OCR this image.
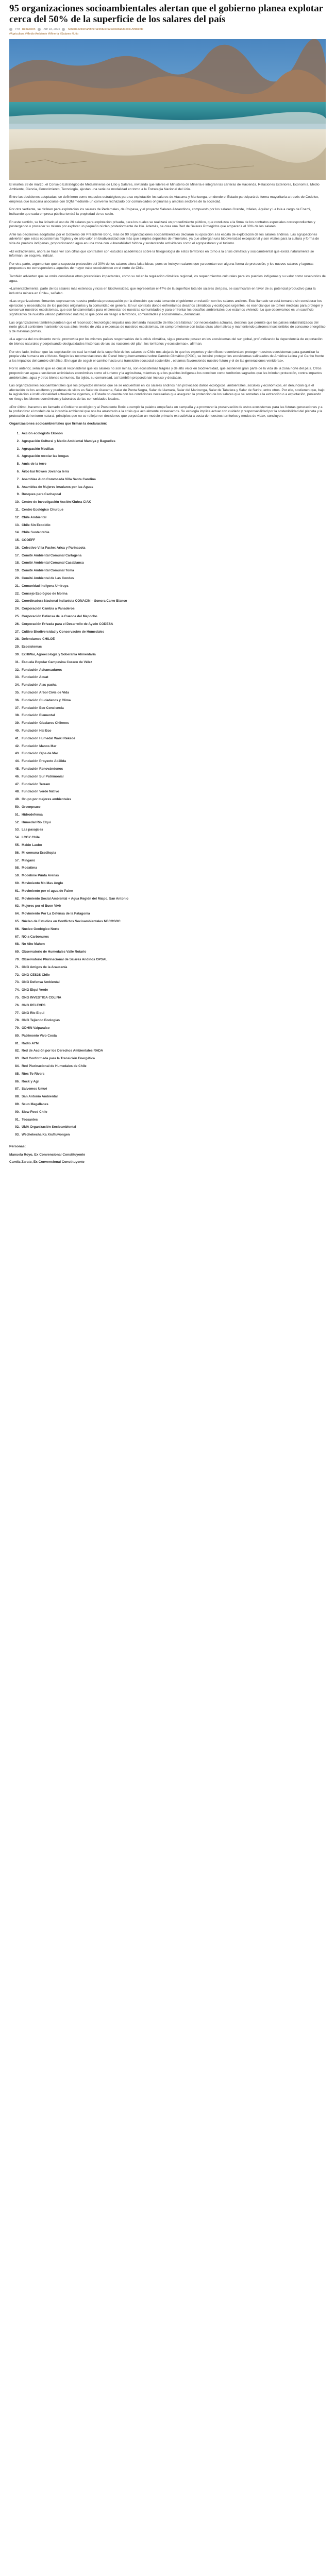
95 organizaciones socioambientales alertan que el gobierno planea explotar cerca del 50% de la superficie de los salares del país
Por Redacción	Abr 18, 2024	Minería Minería/Minería/Industria/Sociedad/Medio Ambiente
#Agricultura #Medio Ambiente #Minería #Salares #Litio

El martes 28 de marzo, el Consejo Estratégico de Metalmineros de Litio y Salares, invitando que lideres el Ministerio de Minería e integran las carteras de Hacienda, Relaciones Exteriores, Economía, Medio Ambiente, Ciencia, Conocimiento, Tecnología, ajustan una serie de modalidad en torno a la Estrategia Nacional del Litio.

Entre las decisiones adoptadas, se definieron como espacios estratégicos para su explotación los salares de Atacama y Maricunga, en donde el Estado participará de forma mayoritaria a través de Codelco, empresa que buscaría asociarse con SQM mediante un convenio rechazado por comunidades originarias y amplios sectores de la sociedad.

Por otra vertiente, se definen para explotación los salares de Pedernales, de Coipasa, y el proyecto Salares Altoandinos, compuesto por los salares Grande, Infieles, Aguilar y La Isla a cargo de Enami, indicando que cada empresa pública tendrá la propiedad de su socio.

En este sentido, se ha licitado el uso de 26 salares para explotación privada, para los cuales se realizará un procedimiento público, que conduzca a la firma de los contratos especiales correspondientes y postergando o proceder su mismo por explotar un pequeño núcleo posteriormente de litio. Además, se crea una Red de Salares Protegidos que ampararía el 30% de los salares.

Ante las decisiones adoptadas por el Gobierno del Presidente Boric, más de 90 organizaciones socioambientales declaran su oposición a la escala de explotación de los salares andinos. Las agrupaciones advierten que estos ecosistemas frágiles y de alto valor en biodiversidad son más que simples depósitos de minerales, ya que albergan una biodiversidad excepcional y son vitales para la cultura y forma de vida de pueblos indígenas, proporcionando agua en una zona con vulnerabilidad hídrica y sustentando actividades como el agropastoreo y el turismo.

«El extractivismo, ahora se hace ver con cifras que contrasten con estudios académicos sobre la fisiogeología de estos territorios en torno a la crisis climática y socioambiental que exista naturamente se informan, se esquiva, indican.

Por otra parte, argumentan que la supuesta protección del 30% de los salares altera falsa ideas, pues se incluyen salares que ya cuentan con alguna forma de protección, y los nuevos salares y lagunas propuestos no corresponden a aquellos de mayor valor ecosistémico en el norte de Chile.

También advierten que se omite considerar otros potenciales impactantes, como su rol en la regulación climática regional, los requerimientos culturales para los pueblos indígenas y su valor como reservorios de agua.

«Lamentablemente, parte de los salares más extensos y ricos en biodiversidad, que representan el 47% de la superficie total de salares del país, se sacrificarán en favor de su potencial productivo para la industria minera en Chile», señalan.

«Las organizaciones firmantes expresamos nuestra profunda preocupación por la dirección que está tomando el gobierno en relación con los salares andinos. Este llamado se está tomando sin considerar los ejercicios y necesidades de los pueblos originarios y la comunidad en general. En un contexto donde enfrentamos desafíos climáticos y ecológicos urgentes, es esencial que se tomen medidas para proteger y conservar nuestros ecosistemas, que son fundamentales para el bienestar de nuestras comunidades y para enfrentar los desafíos ambientales que estamos viviendo. Lo que observamos es un sacrificio significativo de nuestro valioso patrimonio natural, lo que pone en riesgo a territorios, comunidades y ecosistemas», denuncian.

Las organizaciones también plantean que el reconocido tecnológico impulsa una demanda insaciable de litio para fabricar por necesidades actuales, destinos que permite que los países industrializados del norte global continúen manteniendo sus altos niveles de vida a expensas de nuestros ecosistemas, sin comprometerse con todas otras alternativas y manteniendo patrones insostenibles de consumo energético y de materias primas.

«La agenda del crecimiento verde, promovida por los mismos países responsables de la crisis climática, sigue presente poseer en los ecosistemas del sur global, profundizando la dependencia de exportación de bienes naturales y perpetuando desigualdades históricas de las las naciones del plan, los territorios y ecosistemas», afirman.

Por otro lado, indican que las explotación de casi la mitad de la superficie de los salares de Chile nos aleja de lo que los expertos y científicos recomiendan: proteger nuestros ecosistemas para garantizar la propia vida humana en el futuro. Según las recomendaciones del Panel Intergubernamental sobre Cambio Climático (IPCC), se incluiré proteger los ecosistemas salineados de América Latina y el Caribe frente a los impactos del cambio climático. En lugar de seguir el camino hacia una transición ecosocial sostenible , estamos favoreciendo nuestro futuro y el de las generaciones venideras».

Por lo anterior, señalan que es crucial reconsiderar que los salares no son mínas, son ecosistemas frágiles y de alto valor en biodiversidad, que sostienen gran parte de la vida de la zona norte del país. Otros proporcionan agua e sostienen actividades económicas como el turismo y la agricultura, mientras que los pueblos indígenas los conciben como territorios sagrados que les brindan protección, contra impactos ambientales, agua y otros bienes comunes. Su tejido, su comunidad, así también proporcionan incluso y destacan.

Las organizaciones socioambientales que los proyectos mineros que se se encuentran en los salares andinos han provocado daños ecológicos, ambientales, sociales y económicos, en denuncian que el afectación de los acuíferos y praderas de sitios es Salar de Atacama, Salar de Punta Negra, Salar de Llamará, Salar del Maricunga, Salar de Tatatiera y Salar de Surire, entre otros. Por ello, sostienen que, bajo la legislación e institucionalidad actualmente vigentes, el Estado no cuenta con las condiciones necesarias que aseguren la protección de los salares que se sometan a la extracción o a explotación, poniendo en riesgo los bienes económicos y laborales de las comunidades locales.

«Por último, hacemos un llamado al Gobierno ecológico y al Presidente Boric a cumplir la palabra empeñada en campaña y a promover la preservación de estos ecosistemas para las futuras generaciones y a la profundizar el modelo de la industria ambiental que nos ha arrastrado a la crisis que actualmente atravesamos. Su ecología implica actuar con cuidado y responsabilidad por la sostenibilidad del planeta y la protección del entorno natural, principios que no se reflejan en decisiones que perpetúan un modelo primario extractivista a costa de nuestros territorios y modos de vida», concluyen.

Organizaciones socioambientales que firman la declaración:

1. Acción ecologista Ekonón
2. Agrupación Cultural y Medio Ambiental Mamiya y Baguelles
3. Agrupación Mesillas
4. Agrupación recolar las lengas
5. Amis de la terre
6. Árbo kai Mowen Jovanca Ierra
7. Asamblea Auto Convocada Villa Santa Carolina
8. Asamblea de Mujeres Insulares por las Aguas
9. Bosques para Cachapoal
10. Centro de Investigación Acción Kiuhra CIAK
11. Centro Ecológico Churque
12. Chile Ambiental
13. Chile Sin Ecocidio
14. Chile Sustentable
15. CODEFF
16. Colectivo Villa Pache: Arica y Parinacota
17. Comité Ambiental Comunal Cartagena
18. Comité Ambiental Comunal Casablanca
19. Comité Ambiental Comunal Toma
20. Comité Ambiental de Las Condes
21. Comunidad indígena Umiruya
22. Consejo Ecológico de Molina
23. Coordinadora Nacional Indianista CONACIN – Sonora Carro Blanco
24. Corporación Cambia a Panaderos
25. Corporación Defensa de la Cuenca del Mapocho
26. Corporación Privada para el Desarrollo de Aysén CODESA
27. Cultivo Biodiversidad y Conservación de Humedales
28. Defendamos CHILOÉ
29. Ecosistemas
30. ExHIWai, Agroecología y Soberanía Alimentaria
31. Escuela Popular Campesina Curaco de Vélez
32. Fundación Achancaduros
33. Fundación Acuat
34. Fundación Alas pacha
35. Fundación Arbol Civis de Vida
36. Fundación Ciudadanos y Clima
37. Fundación Eco Conciencia
38. Fundación Elemental
39. Fundación Glaciares Chilenos
40. Fundación Hai Eco
41. Fundación Humedal Waiki Rekedé
42. Fundación Manos Mar
43. Fundación Ojos de Mar
44. Fundación Proyecto Adálida
45. Fundación Renovándonos
46. Fundación Sur Patrimonial
47. Fundación Terram
48. Fundación Verde Nativo
49. Grupo por mejores ambientales
50. Greenpeace
51. Hidrodefensa
52. Humedal Rio Elqui
53. Las pasajales
54. LCOY Chile
55. Mabin Laubo
56. Mi comuna EcoUtopia
57. Minganú
58. Modatima
59. Modelime Punta Arenas
60. Movimiento Mo Mas Anglo
61. Movimiento por el agua de Paine
62. Movimiento Social Ambiental + Agua Región del Maipo, San Antonio
63. Mujeres por el Buen Vivir
64. Movimiento Por La Defensa de la Patagonia
65. Núcleo de Estudios en Conflictos Socioambientales NECOSOC
66. Nucleo Geológico Norte
67. NO a Carbonuros
68. No Alto Mahon
69. Observatorio de Humedales Valle Rotario
70. Observatorio Plurinacional de Salares Andinos OPSAL
71. ONG Amigos de la Araucanía
72. ONG CES3S Chile
73. ONG Defensa Ambiental
74. ONG Elqui Verde
75. ONG INVESTIGA COLINA
76. ONG RELEVES
77. ONG Rio Elqui
78. ONG Tejiendo Ecologías
79. ODHIN Valparaíso
80. Patrimonio Vivo Costa
81. Radio AYNI
82. Red de Acción por los Derechos Ambientales RADA
83. Red Conformada para la Transición Energética
84. Red Plurinacional de Humedales de Chile
85. Ríos To Rivers
86. Rock y Agr
87. Salvemos Umué
88. San Antonio Ambiental
89. Scuo Magallanes
90. Slow Food Chile
91. Teosantes
92. UMA Organización Socioambiental
93. Wechekecha Ka Xruftuwongen
Personas:
Manuela Royo, Ex Convencional Constituyente
Camila Zarate, Ex Convencional Constituyente
